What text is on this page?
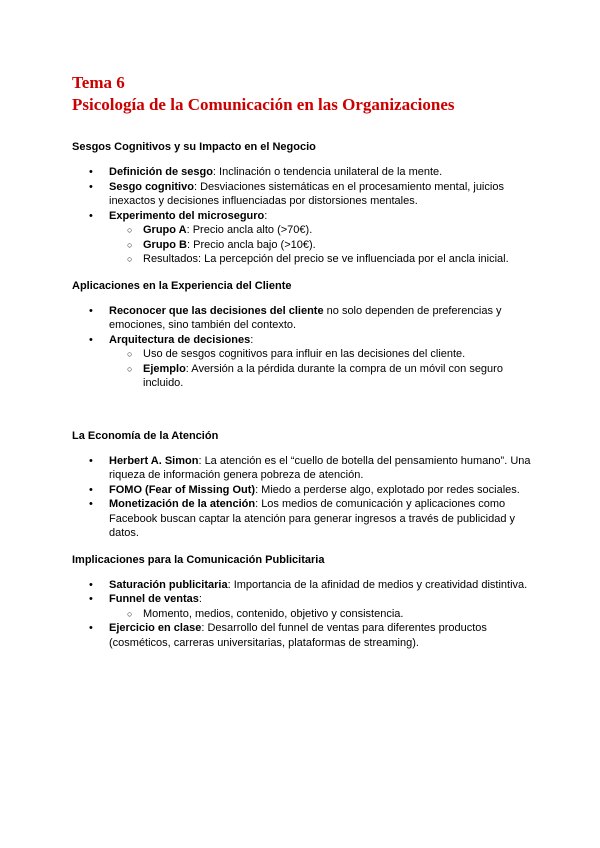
Tema 6
Psicología de la Comunicación en las Organizaciones
Sesgos Cognitivos y su Impacto en el Negocio
• Definición de sesgo: Inclinación o tendencia unilateral de la mente.
• Sesgo cognitivo: Desviaciones sistemáticas en el procesamiento mental, juicios inexactos y decisiones influenciadas por distorsiones mentales.
• Experimento del microseguro:
○ Grupo A: Precio ancla alto (>70€).
○ Grupo B: Precio ancla bajo (>10€).
○ Resultados: La percepción del precio se ve influenciada por el ancla inicial.
Aplicaciones en la Experiencia del Cliente
• Reconocer que las decisiones del cliente no solo dependen de preferencias y emociones, sino también del contexto.
• Arquitectura de decisiones:
○ Uso de sesgos cognitivos para influir en las decisiones del cliente.
○ Ejemplo: Aversión a la pérdida durante la compra de un móvil con seguro incluido.
La Economía de la Atención
• Herbert A. Simon: La atención es el “cuello de botella del pensamiento humano”. Una riqueza de información genera pobreza de atención.
• FOMO (Fear of Missing Out): Miedo a perderse algo, explotado por redes sociales.
• Monetización de la atención: Los medios de comunicación y aplicaciones como Facebook buscan captar la atención para generar ingresos a través de publicidad y datos.
Implicaciones para la Comunicación Publicitaria
• Saturación publicitaria: Importancia de la afinidad de medios y creatividad distintiva.
• Funnel de ventas:
○ Momento, medios, contenido, objetivo y consistencia.
• Ejercicio en clase: Desarrollo del funnel de ventas para diferentes productos (cosméticos, carreras universitarias, plataformas de streaming).
